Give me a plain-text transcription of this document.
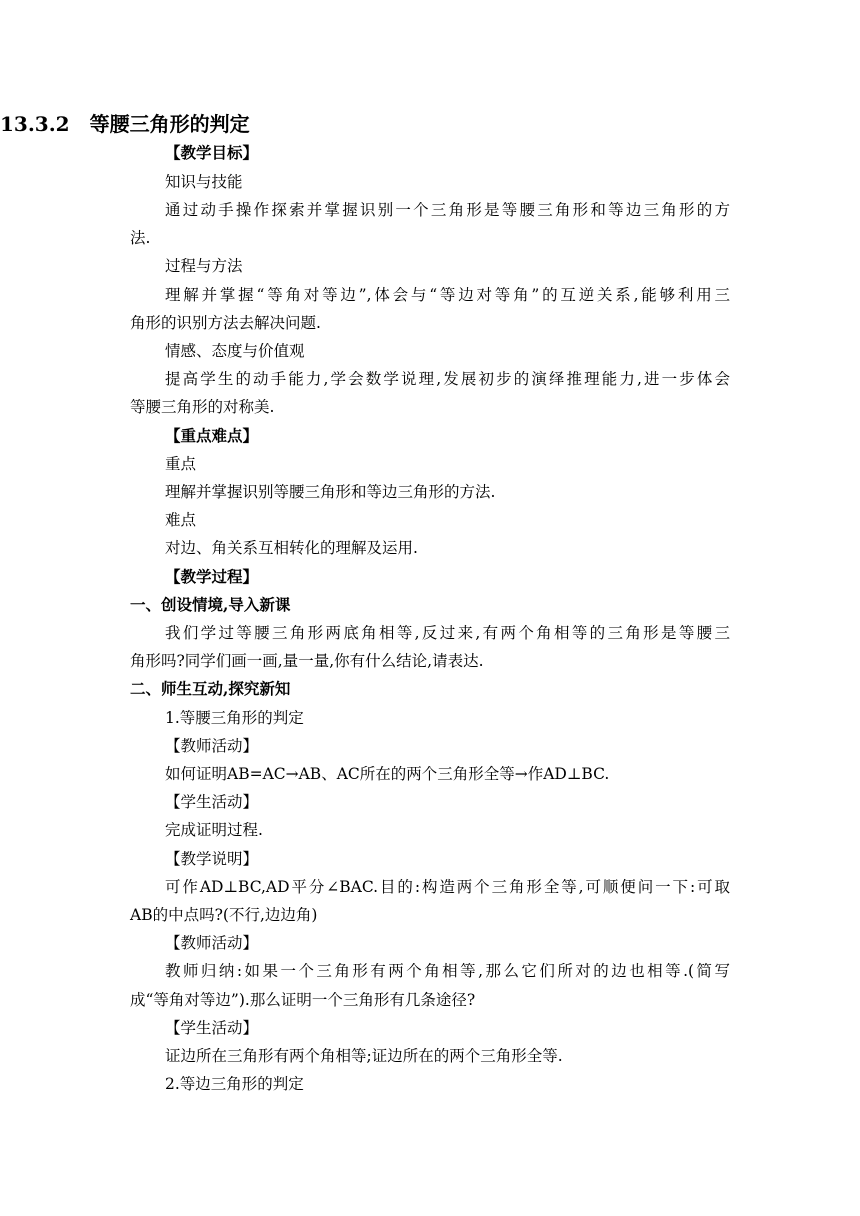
13.3.2　等腰三角形的判定

【教学目标】

知识与技能

通过动手操作探索并掌握识别一个三角形是等腰三角形和等边三角形的方

法.

过程与方法

理解并掌握“等角对等边”,体会与“等边对等角”的互逆关系,能够利用三

角形的识别方法去解决问题.

情感、态度与价值观

提高学生的动手能力,学会数学说理,发展初步的演绎推理能力,进一步体会

等腰三角形的对称美.

【重点难点】

重点

理解并掌握识别等腰三角形和等边三角形的方法.

难点

对边、角关系互相转化的理解及运用.

【教学过程】

一、创设情境,导入新课

我们学过等腰三角形两底角相等,反过来,有两个角相等的三角形是等腰三

角形吗?同学们画一画,量一量,你有什么结论,请表达.

二、师生互动,探究新知

1.等腰三角形的判定

【教师活动】

如何证明AB=AC→AB、AC所在的两个三角形全等→作AD⊥BC.

【学生活动】

完成证明过程.

【教学说明】

可作AD⊥BC,AD平分∠BAC.目的:构造两个三角形全等,可顺便问一下:可取

AB的中点吗?(不行,边边角)

【教师活动】

教师归纳:如果一个三角形有两个角相等,那么它们所对的边也相等.(简写

成“等角对等边”).那么证明一个三角形有几条途径?

【学生活动】

证边所在三角形有两个角相等;证边所在的两个三角形全等.

2.等边三角形的判定
